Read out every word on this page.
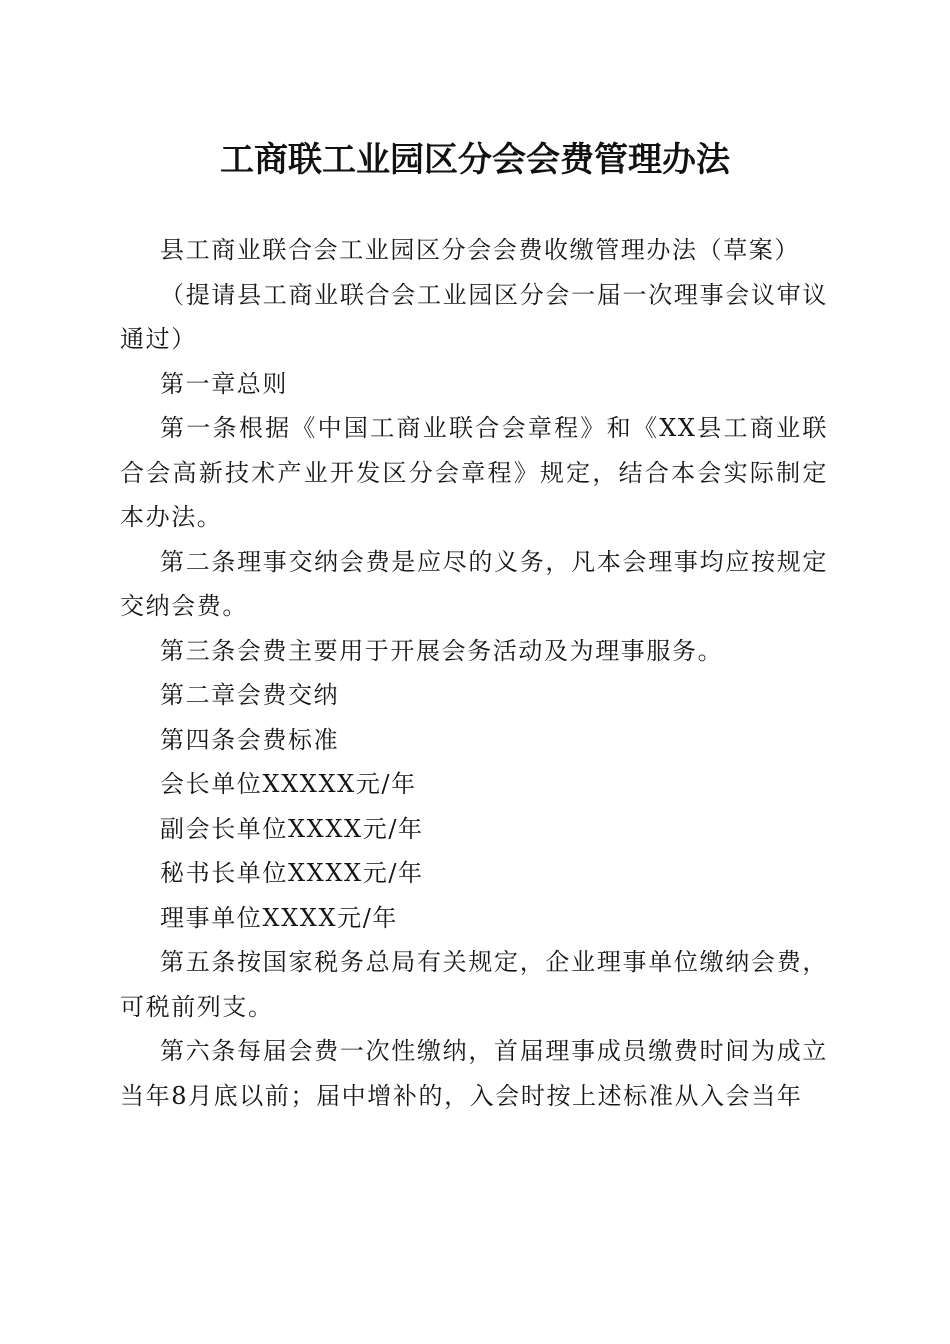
工商联工业园区分会会费管理办法

县工商业联合会工业园区分会会费收缴管理办法（草案）

（提请县工商业联合会工业园区分会一届一次理事会议审议通过）

第一章总则

第一条根据《中国工商业联合会章程》和《XX县工商业联合会高新技术产业开发区分会章程》规定，结合本会实际制定本办法。

第二条理事交纳会费是应尽的义务，凡本会理事均应按规定交纳会费。

第三条会费主要用于开展会务活动及为理事服务。

第二章会费交纳

第四条会费标准

会长单位XXXXX元/年

副会长单位XXXX元/年

秘书长单位XXXX元/年

理事单位XXXX元/年

第五条按国家税务总局有关规定，企业理事单位缴纳会费，可税前列支。

第六条每届会费一次性缴纳，首届理事成员缴费时间为成立当年8月底以前；届中增补的，入会时按上述标准从入会当年
